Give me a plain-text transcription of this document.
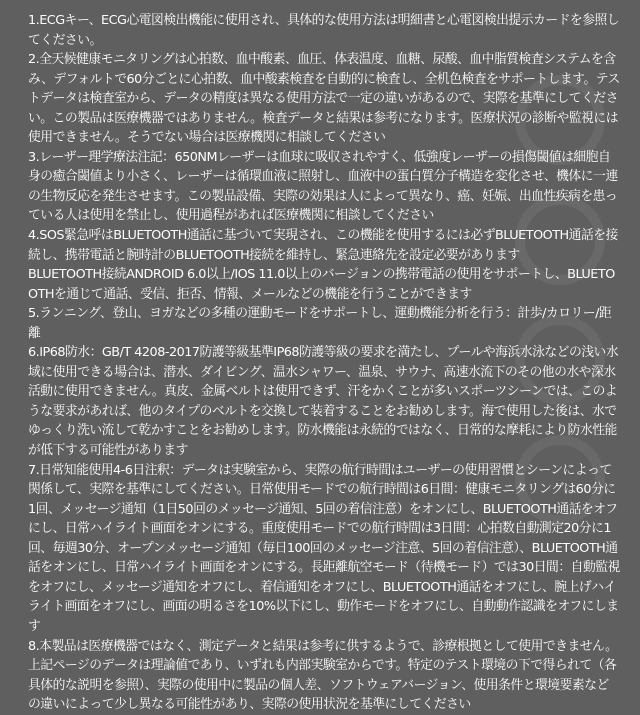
1.ECGキー、ECG心電図検出機能に使用され、具体的な使用方法は明細書と心電図検出提示カードを参照してください。

2.全天候健康モニタリングは心拍数、血中酸素、血圧、体表温度、血糖、尿酸、血中脂質検査システムを含み、デフォルトで60分ごとに心拍数、血中酸素検査を自動的に検査し、全机色検査をサポートします。テストデータは検査室から、データの精度は異なる使用方法で一定の違いがあるので、実際を基準にしてください。この製品は医療機器ではありません。検査データと結果は参考になります。医療状況の診断や監視には使用できません。そうでない場合は医療機関に相談してください

3.レーザー理学療法注記：650NMレーザーは血球に吸収されやすく、低強度レーザーの損傷閾値は細胞自身の癒合閾値より小さく、レーザーは循環血液に照射し、血液中の蛋白質分子構造を変化させ、機体に一連の生物反応を発生させます。この製品設備、実際の効果は人によって異なり、癌、妊娠、出血性疾病を患っている人は使用を禁止し、使用過程があれば医療機関に相談してください

4.SOS緊急呼はBLUETOOTH通話に基づいて実現され、この機能を使用するには必ずBLUETOOTH通話を接続し、携帯電話と腕時計のBLUETOOTH接続を維持し、緊急連絡先を設定必要があります

BLUETOOTH接続ANDROID 6.0以上/IOS 11.0以上のバージョンの携帯電話の使用をサポートし、BLUETOOTHを通じて通話、受信、拒否、情報、メールなどの機能を行うことができます

5.ランニング、登山、ヨガなどの多種の運動モードをサポートし、運動機能分析を行う：計歩/カロリー/距離

6.IP68防水：GB/T 4208-2017防護等級基準IP68防護等級の要求を満たし、プールや海浜水泳などの浅い水域に使用できる場合は、潜水、ダイビング、温水シャワー、温泉、サウナ、高速水流下のその他の水や深水活動に使用できません。真皮、金属ベルトは使用できず、汗をかくことが多いスポーツシーンでは、このような要求があれば、他のタイプのベルトを交換して装着することをお勧めします。海で使用した後は、水でゆっくり洗い流して乾かすことをお勧めします。防水機能は永続的ではなく、日常的な摩耗により防水性能が低下する可能性があります

7.日常知能使用4-6日注釈：データは実験室から、実際の航行時間はユーザーの使用習慣とシーンによって関係して、実際を基準にしてください。日常使用モードでの航行時間は6日間：健康モニタリングは60分に1回、メッセージ通知（1日50回のメッセージ通知、5回の着信注意）をオンにし、BLUETOOTH通話をオフにし、日常ハイライト画面をオンにする。重度使用モードでの航行時間は3日間：心拍数自動測定20分に1回、毎週30分、オープンメッセージ通知（毎日100回のメッセージ注意、5回の着信注意）、BLUETOOTH通話をオンにし、日常ハイライト画面をオンにする。長距離航空モード（待機モード）では30日間：自動監視をオフにし、メッセージ通知をオフにし、着信通知をオフにし、BLUETOOTH通話をオフにし、腕上げハイライト画面をオフにし、画面の明るさを10%以下にし、動作モードをオフにし、自動動作認識をオフにします

8.本製品は医療機器ではなく、測定データと結果は参考に供するようで、診療根拠として使用できません。上記ページのデータは理論値であり、いずれも内部実験室からです。特定のテスト環境の下で得られて（各具体的な説明を参照）、実際の使用中に製品の個人差、ソフトウェアバージョン、使用条件と環境要素などの違いによって少し異なる可能性があり、実際の使用状況を基準にしてください
